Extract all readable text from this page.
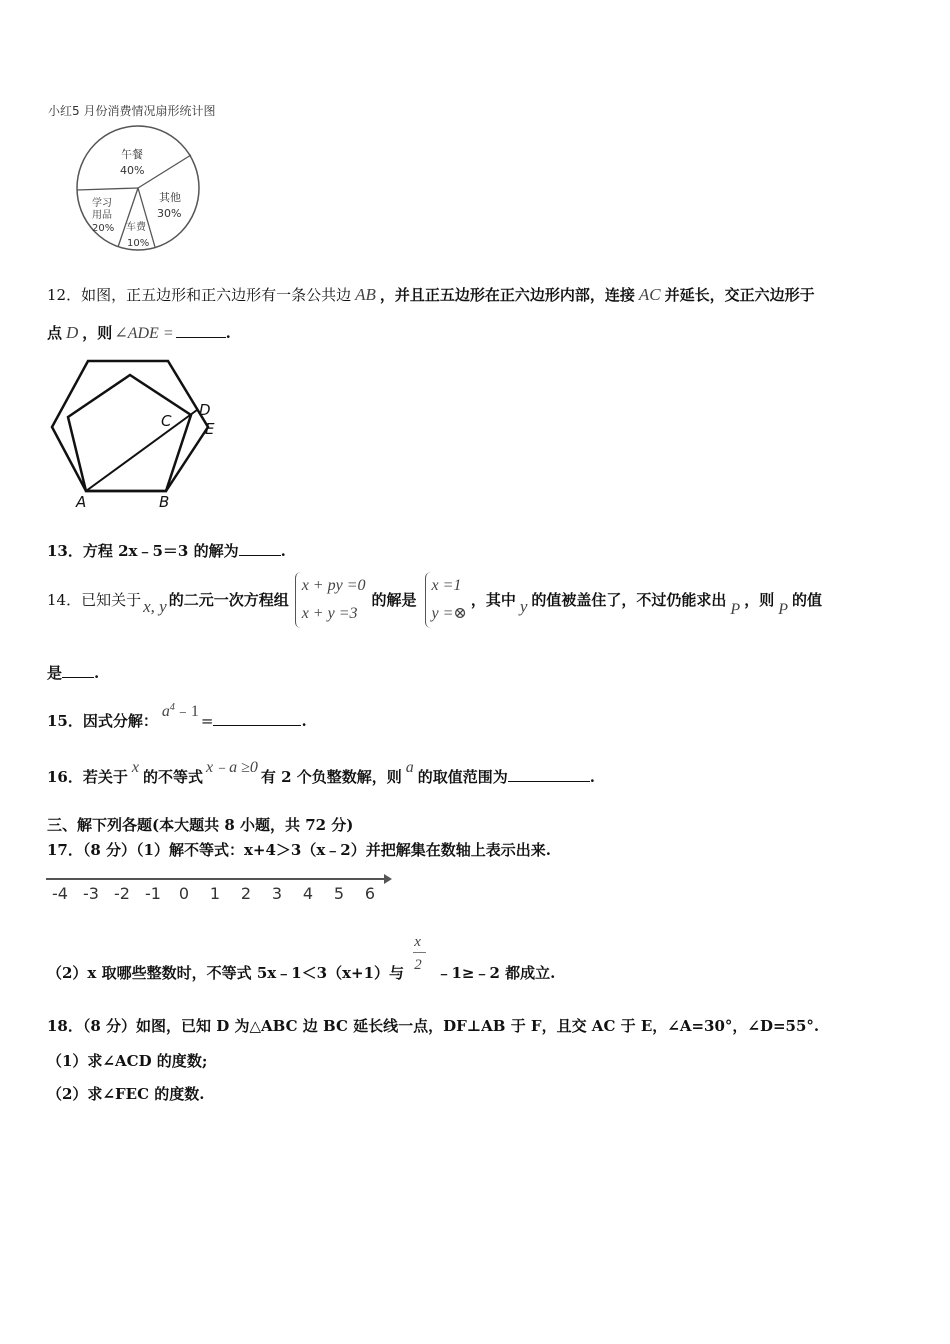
小红5 月份消费情况扇形统计图
午餐
40%
其他
30%
车费
10%
学习
用品
20%
12．如图，正五边形和正六边形有一条公共边 AB ，并且正五边形在正六边形内部，连接 AC 并延长，交正六边形于
点 D ，则 ∠ADE =	.
A	B
C
D
E
13．方程 2x﹣5＝3 的解为	.
14．已知关于 x, y 的二元一次方程组
x + py =0
x + y =3
的解是
x =1
y =⊗
，其中 y 的值被盖住了，不过仍能求出
P
，则
P
的值
是 .
15．因式分解：$a^4﹣1=$	.
16．若关于x的不等式x﹣a ≥0有 2 个负整数解，则a的取值范围为	.
三、解下列各题(本大题共 8 小题，共 72 分)
17．（8 分）（1）解不等式：x+4＞3（x﹣2）并把解集在数轴上表示出来.
-4 -3 -2 -1 0 1 2 3 4 5 6
（2）x 取哪些整数时，不等式 5x﹣1＜3（x+1）与 $\frac{x}{2}$ ﹣1≥﹣2 都成立.
18．（8 分）如图，已知 D 为△ABC 边 BC 延长线一点，DF⊥AB 于 F，且交 AC 于 E，∠A=30°，∠D=55°.
（1）求∠ACD 的度数;
（2）求∠FEC 的度数.
